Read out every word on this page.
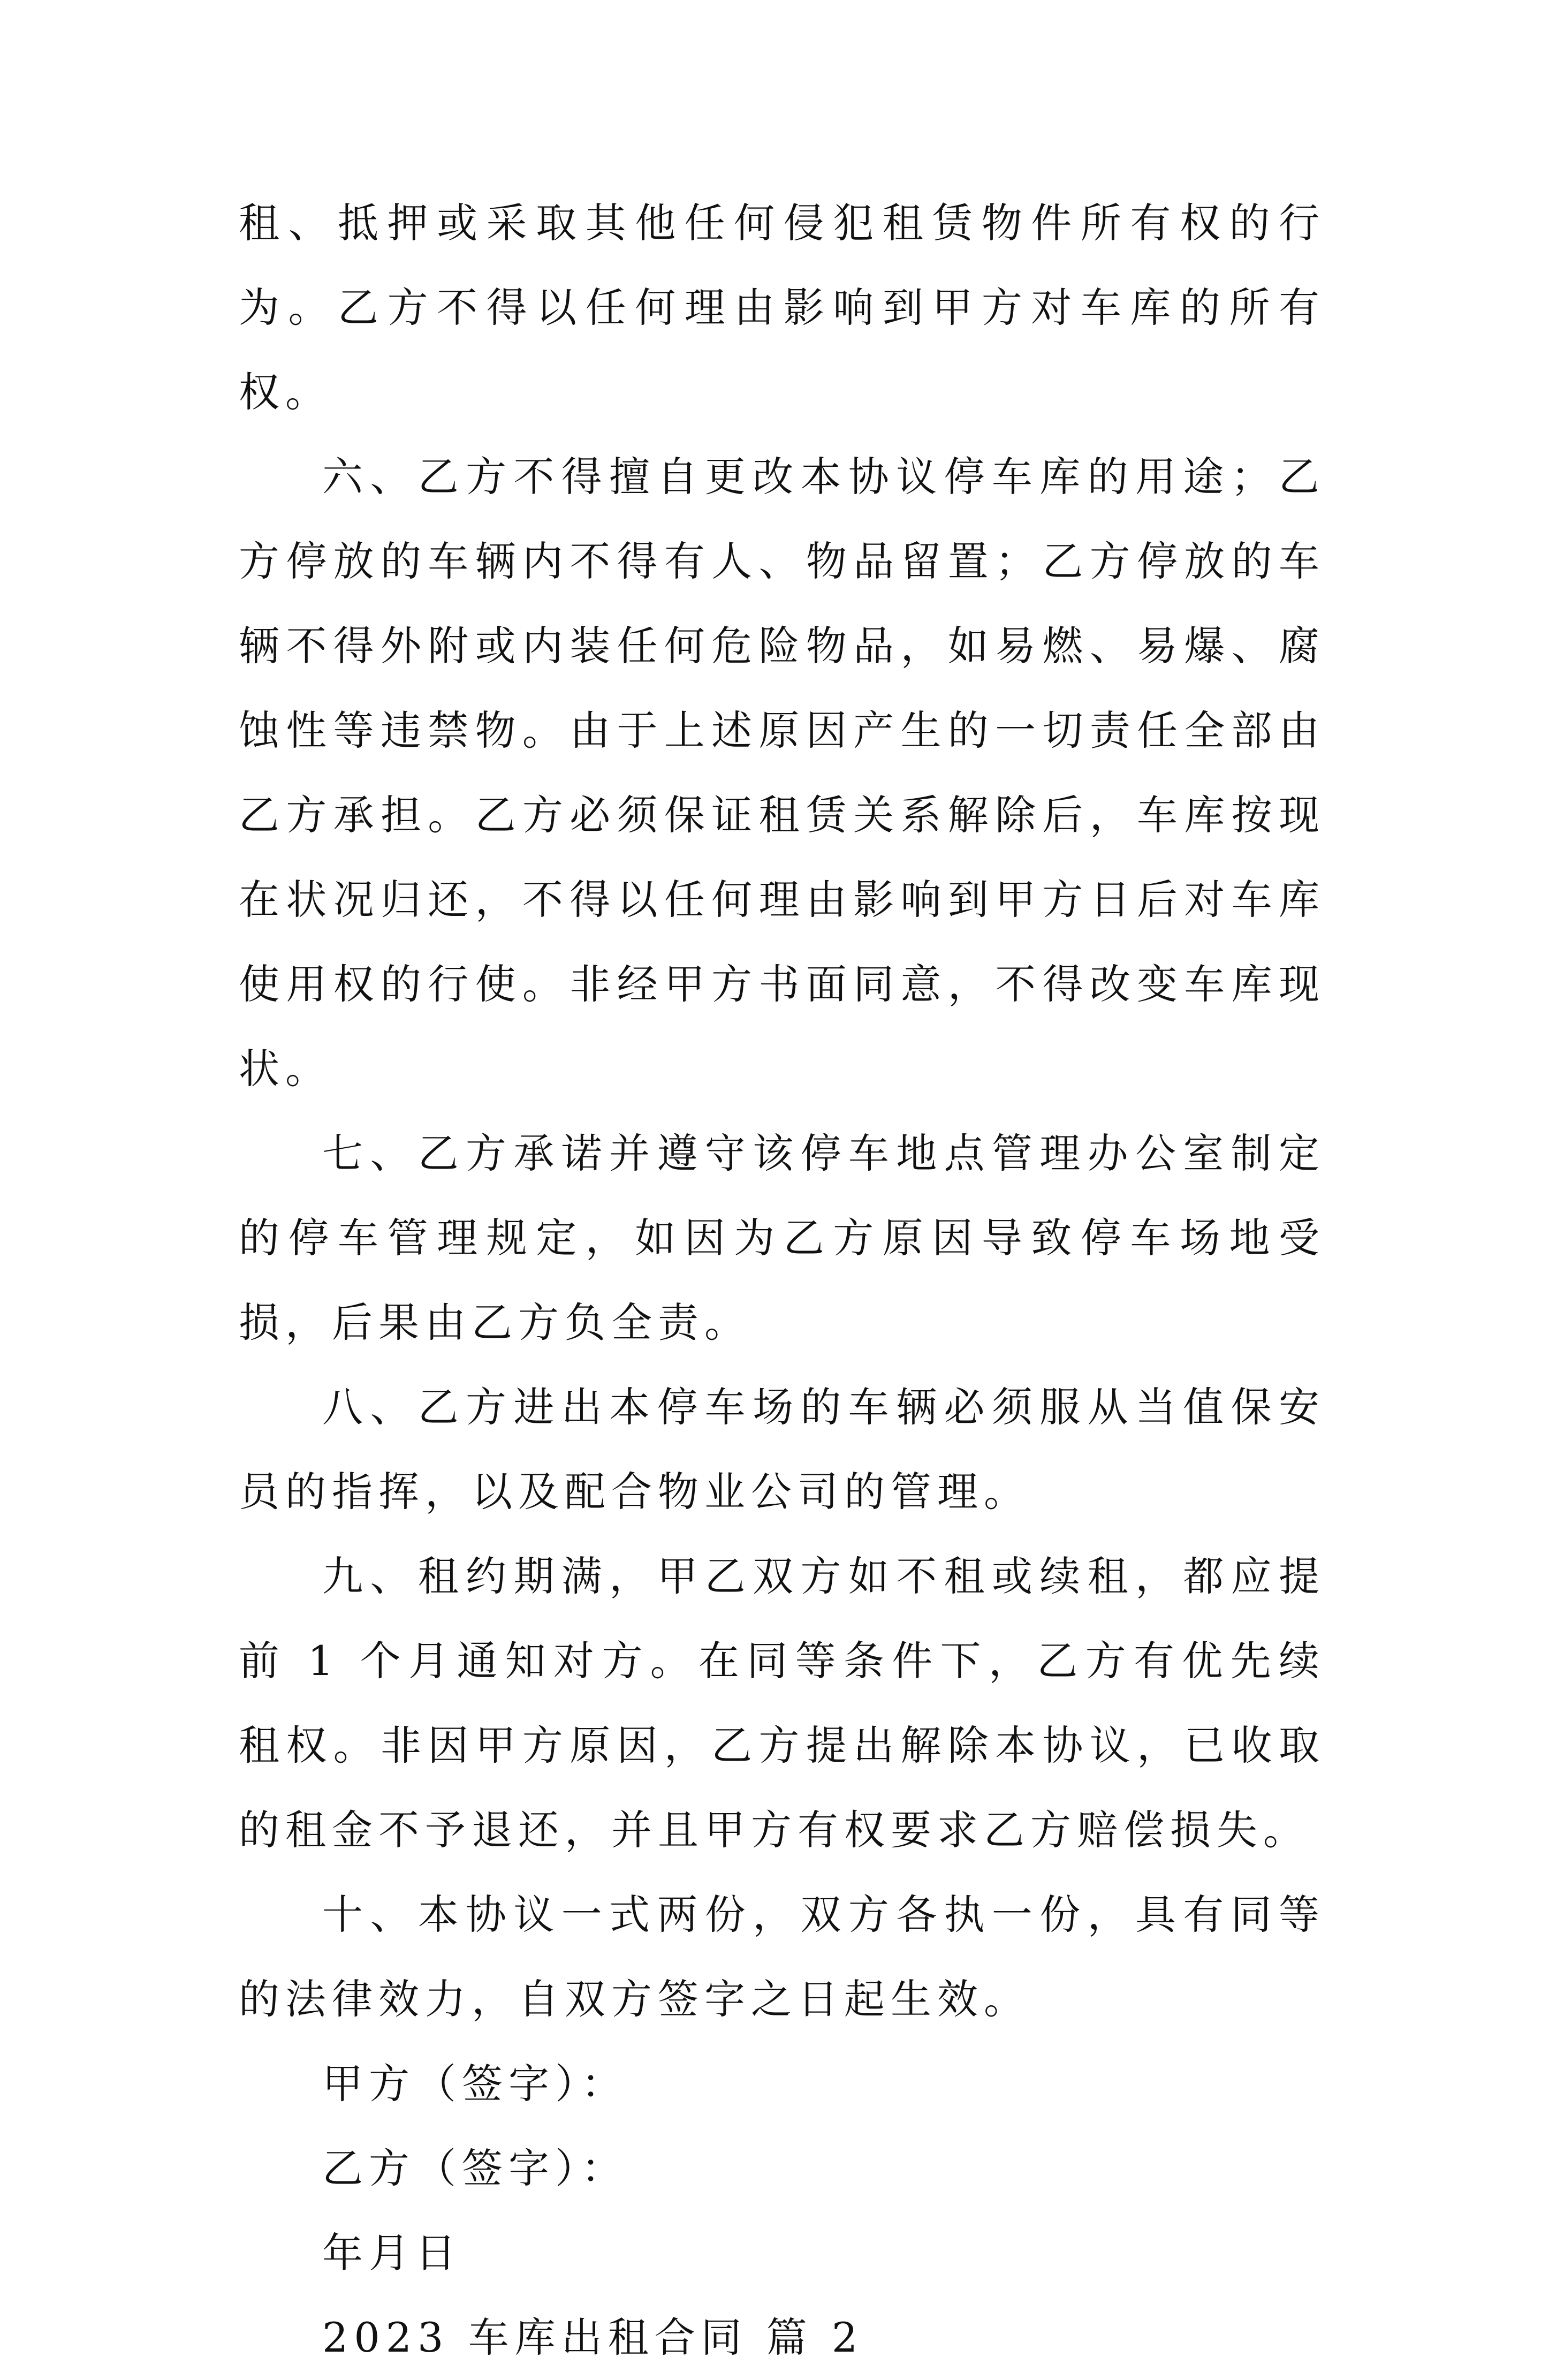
租、抵押或采取其他任何侵犯租赁物件所有权的行为。乙方不得以任何理由影响到甲方对车库的所有权。

六、乙方不得擅自更改本协议停车库的用途；乙方停放的车辆内不得有人、物品留置；乙方停放的车辆不得外附或内装任何危险物品，如易燃、易爆、腐蚀性等违禁物。由于上述原因产生的一切责任全部由乙方承担。乙方必须保证租赁关系解除后，车库按现在状况归还，不得以任何理由影响到甲方日后对车库使用权的行使。非经甲方书面同意，不得改变车库现状。

七、乙方承诺并遵守该停车地点管理办公室制定的停车管理规定，如因为乙方原因导致停车场地受损，后果由乙方负全责。

八、乙方进出本停车场的车辆必须服从当值保安员的指挥，以及配合物业公司的管理。

九、租约期满，甲乙双方如不租或续租，都应提前 1 个月通知对方。在同等条件下，乙方有优先续租权。非因甲方原因，乙方提出解除本协议，已收取的租金不予退还，并且甲方有权要求乙方赔偿损失。

十、本协议一式两份，双方各执一份，具有同等的法律效力，自双方签字之日起生效。

甲方（签字）：

乙方（签字）：

年月日

2023 车库出租合同 篇 2
